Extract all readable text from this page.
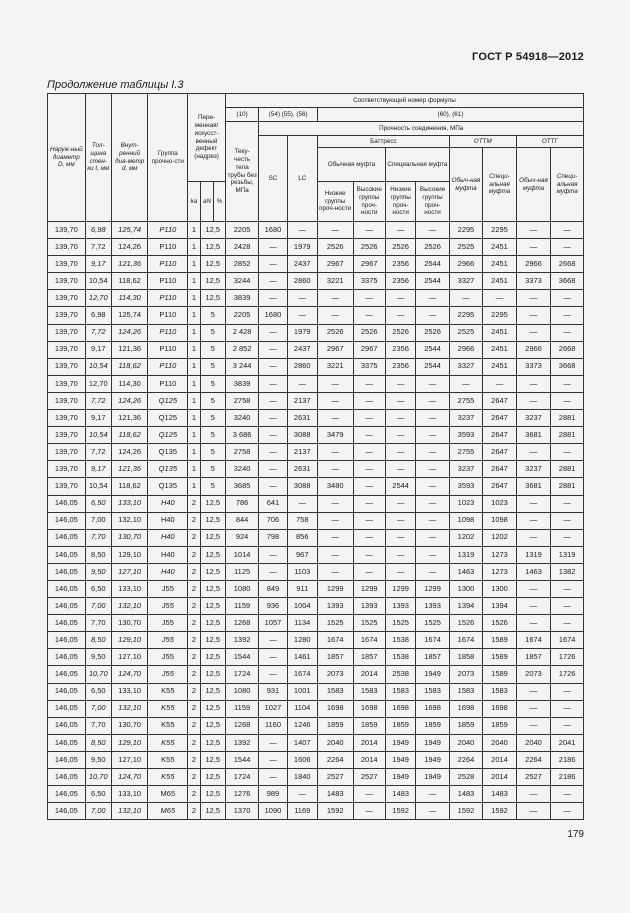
ГОСТ Р 54918—2012
Продолжение таблицы I.3
Наруж-ный диаметр D, мм	Тол-щина стен-ки t, мм	Внут-ренний диа-метр d, мм	Группа прочно-сти	Пере-менная/ искусст-венный дефект (надрез)			Соответствующий номер формулы										
							(10)	(54) (55), (56)		(60), (61)							
							Теку-честь тела трубы без резьбы, МПа	Прочность соединения, МПа									
								SC	LC	Баттресс				ОТТМ		ОТТГ	
										Обычная муфта		Специальная муфта		Обыч-ная муфта	Специ-альная муфта	Обыч-ная муфта	Специ-альная муфта
				ka	aN	%				Низкие группы проч-ности	Высокие группы проч-ности	Низкие группы проч-ности	Высокие группы проч-ности				
139,70	6,98	125,74	P110	1	12,5		2205	1680	—	—	—	—	—	2295	2295	—	—
139,70	7,72	124,26	P110	1	12,5		2428	—	1979	2526	2526	2526	2526	2525	2451	—	—
139,70	9,17	121,36	P110	1	12,5		2852	—	2437	2967	2967	2356	2544	2966	2451	2966	2668
139,70	10,54	118,62	P110	1	12,5		3244	—	2860	3221	3375	2356	2544	3327	2451	3373	3668
139,70	12,70	114,30	P110	1	12,5		3839	—	—	—	—	—	—	—	—	—	—
139,70	6,98	125,74	P110	1	5		2205	1680	—	—	—	—	—	2295	2295	—	—
139,70	7,72	124,26	P110	1	5		2 428	—	1979	2526	2526	2526	2526	2525	2451	—	—
139,70	9,17	121,36	P110	1	5		2 852	—	2437	2967	2967	2356	2544	2966	2451	2966	2668
139,70	10,54	118,62	P110	1	5		3 244	—	2860	3221	3375	2356	2544	3327	2451	3373	3668
139,70	12,70	114,30	P110	1	5		3839	—	—	—	—	—	—	—	—	—	—
139,70	7,72	124,26	Q125	1	5		2758	—	2137	—	—	—	—	2755	2647	—	—
139,70	9,17	121,36	Q125	1	5		3240	—	2631	—	—	—	—	3237	2647	3237	2881
139,70	10,54	118,62	Q125	1	5		3 686	—	3088	3479	—	—	—	3593	2647	3681	2881
139,70	7,72	124,26	Q135	1	5		2758	—	2137	—	—	—	—	2755	2647	—	—
139,70	9,17	121,36	Q135	1	5		3240	—	2631	—	—	—	—	3237	2647	3237	2881
139,70	10,54	118,62	Q135	1	5		3685	—	3088	3480	—	2544	—	3593	2647	3681	2881
146,05	6,50	133,10	H40	2	12,5		786	641	—	—	—	—	—	1023	1023	—	—
146,05	7,00	132,10	H40	2	12,5		844	706	758	—	—	—	—	1098	1098	—	—
146,05	7,70	130,70	H40	2	12,5		924	798	856	—	—	—	—	1202	1202	—	—
146,05	8,50	129,10	H40	2	12,5		1014	—	967	—	—	—	—	1319	1273	1319	1319
146,05	9,50	127,10	H40	2	12,5		1125	—	1103	—	—	—	—	1463	1273	1463	1382
146,05	6,50	133,10	J55	2	12,5		1080	849	911	1299	1299	1299	1299	1300	1300	—	—
146,05	7,00	132,10	J55	2	12,5		1159	936	1004	1393	1393	1393	1393	1394	1394	—	—
146,05	7,70	130,70	J55	2	12,5		1268	1057	1134	1525	1525	1525	1525	1526	1526	—	—
146,05	8,50	129,10	J55	2	12,5		1392	—	1280	1674	1674	1538	1674	1674	1589	1674	1674
146,05	9,50	127,10	J55	2	12,5		1544	—	1461	1857	1857	1538	1857	1858	1589	1857	1726
146,05	10,70	124,70	J55	2	12,5		1724	—	1674	2073	2014	2538	1949	2073	1589	2073	1726
146,05	6,50	133,10	K55	2	12,5		1080	931	1001	1583	1583	1583	1583	1583	1583	—	—
146,05	7,00	132,10	K55	2	12,5		1159	1027	1104	1698	1698	1698	1698	1698	1698	—	—
146,05	7,70	130,70	K55	2	12,5		1268	1160	1246	1859	1859	1859	1859	1859	1859	—	—
146,05	8,50	129,10	K55	2	12,5		1392	—	1407	2040	2014	1949	1949	2040	2040	2040	2041
146,05	9,50	127,10	K55	2	12,5		1544	—	1606	2264	2014	1949	1949	2264	2014	2264	2186
146,05	10,70	124,70	K55	2	12,5		1724	—	1840	2527	2527	1949	1949	2528	2014	2527	2186
146,05	6,50	133,10	M65	2	12,5		1276	989	—	1483	—	1483	—	1483	1483	—	—
146,05	7,00	132,10	M65	2	12,5		1370	1090	1169	1592	—	1592	—	1592	1592	—	—
179
